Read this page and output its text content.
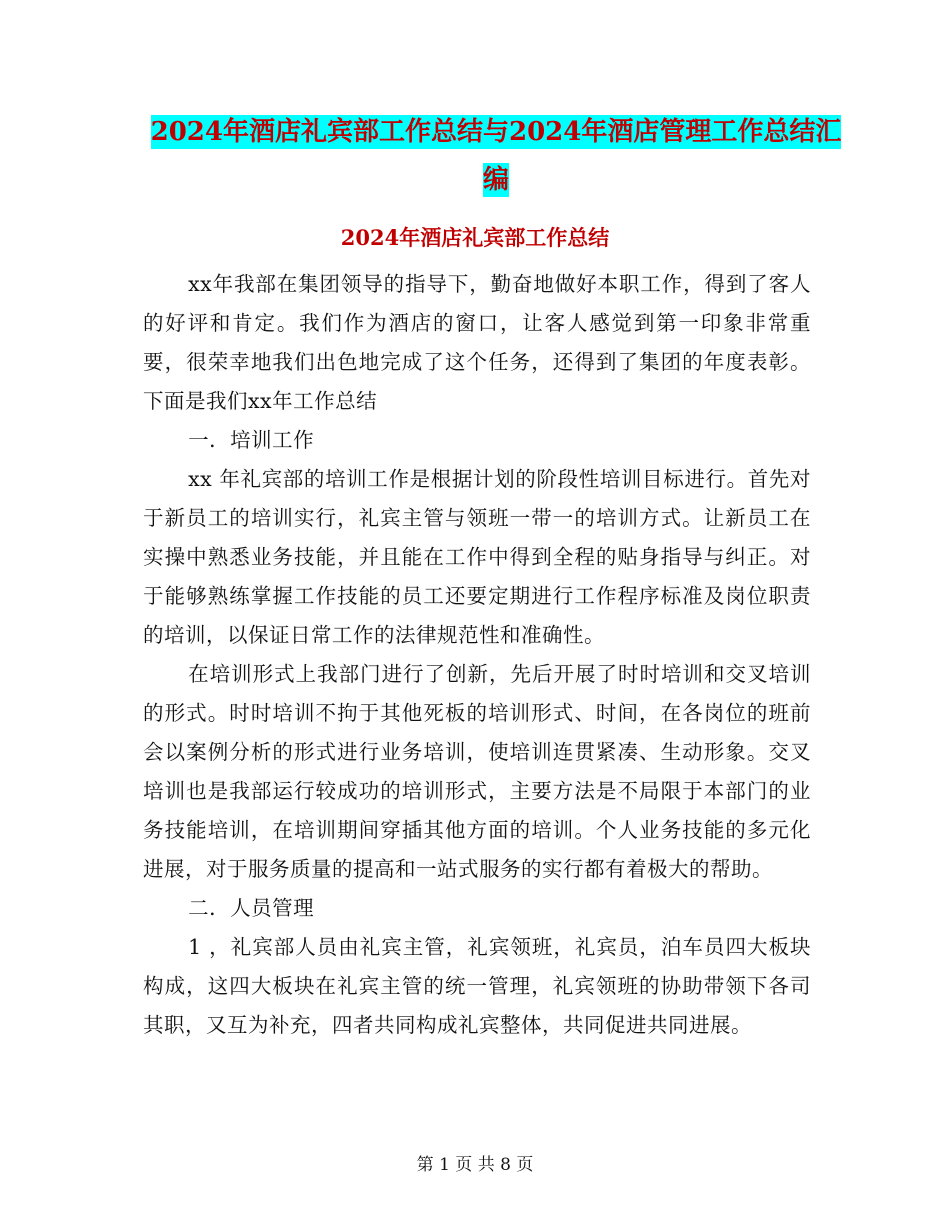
2024年酒店礼宾部工作总结与2024年酒店管理工作总结汇编
2024年酒店礼宾部工作总结

xx年我部在集团领导的指导下，勤奋地做好本职工作，得到了客人的好评和肯定。我们作为酒店的窗口，让客人感觉到第一印象非常重要，很荣幸地我们出色地完成了这个任务，还得到了集团的年度表彰。下面是我们xx年工作总结

一．培训工作

xx 年礼宾部的培训工作是根据计划的阶段性培训目标进行。首先对于新员工的培训实行，礼宾主管与领班一带一的培训方式。让新员工在实操中熟悉业务技能，并且能在工作中得到全程的贴身指导与纠正。对于能够熟练掌握工作技能的员工还要定期进行工作程序标准及岗位职责的培训，以保证日常工作的法律规范性和准确性。

在培训形式上我部门进行了创新，先后开展了时时培训和交叉培训的形式。时时培训不拘于其他死板的培训形式、时间，在各岗位的班前会以案例分析的形式进行业务培训，使培训连贯紧凑、生动形象。交叉培训也是我部运行较成功的培训形式，主要方法是不局限于本部门的业务技能培训，在培训期间穿插其他方面的培训。个人业务技能的多元化进展，对于服务质量的提高和一站式服务的实行都有着极大的帮助。

二．人员管理

1 ，礼宾部人员由礼宾主管，礼宾领班，礼宾员，泊车员四大板块构成，这四大板块在礼宾主管的统一管理，礼宾领班的协助带领下各司其职，又互为补充，四者共同构成礼宾整体，共同促进共同进展。

第 1 页 共 8 页
